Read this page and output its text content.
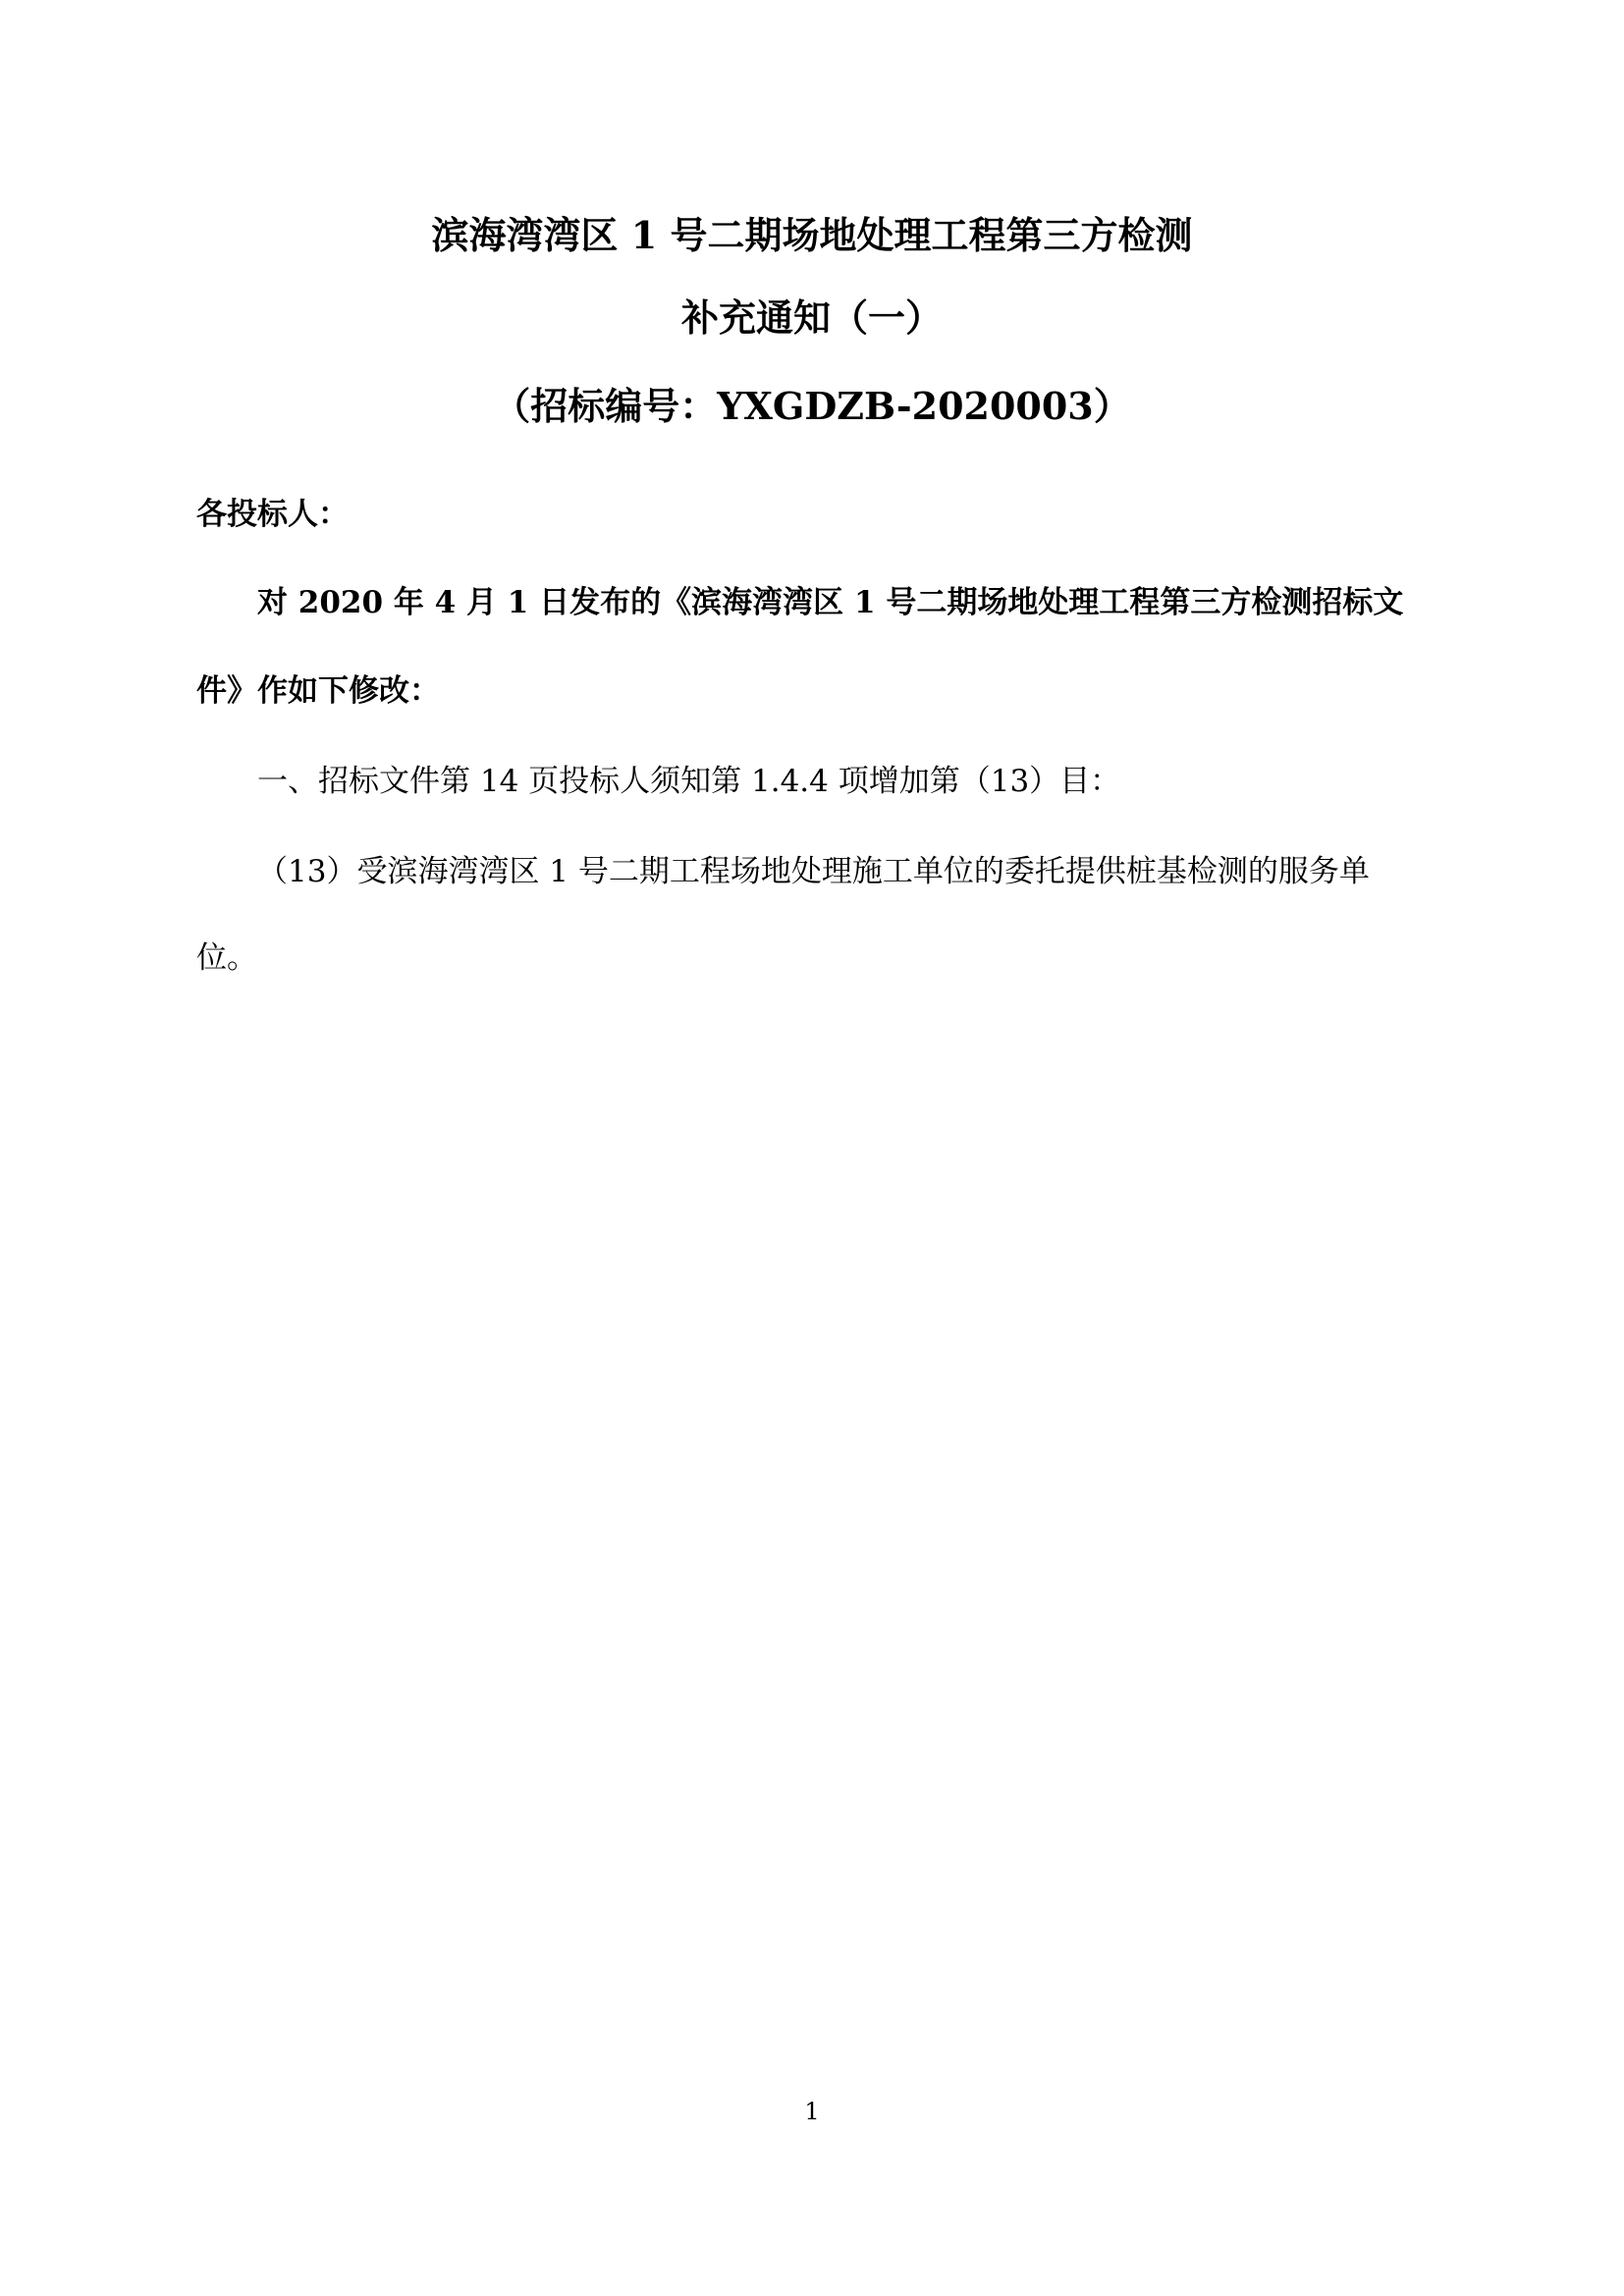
滨海湾湾区 1 号二期场地处理工程第三方检测
补充通知（一）
（招标编号：YXGDZB-2020003）
各投标人：
对 2020 年 4 月 1 日发布的《滨海湾湾区 1 号二期场地处理工程第三方检测招标文
件》作如下修改：
一、招标文件第 14 页投标人须知第 1.4.4 项增加第（13）目：
（13）受滨海湾湾区 1 号二期工程场地处理施工单位的委托提供桩基检测的服务单
位。
1
